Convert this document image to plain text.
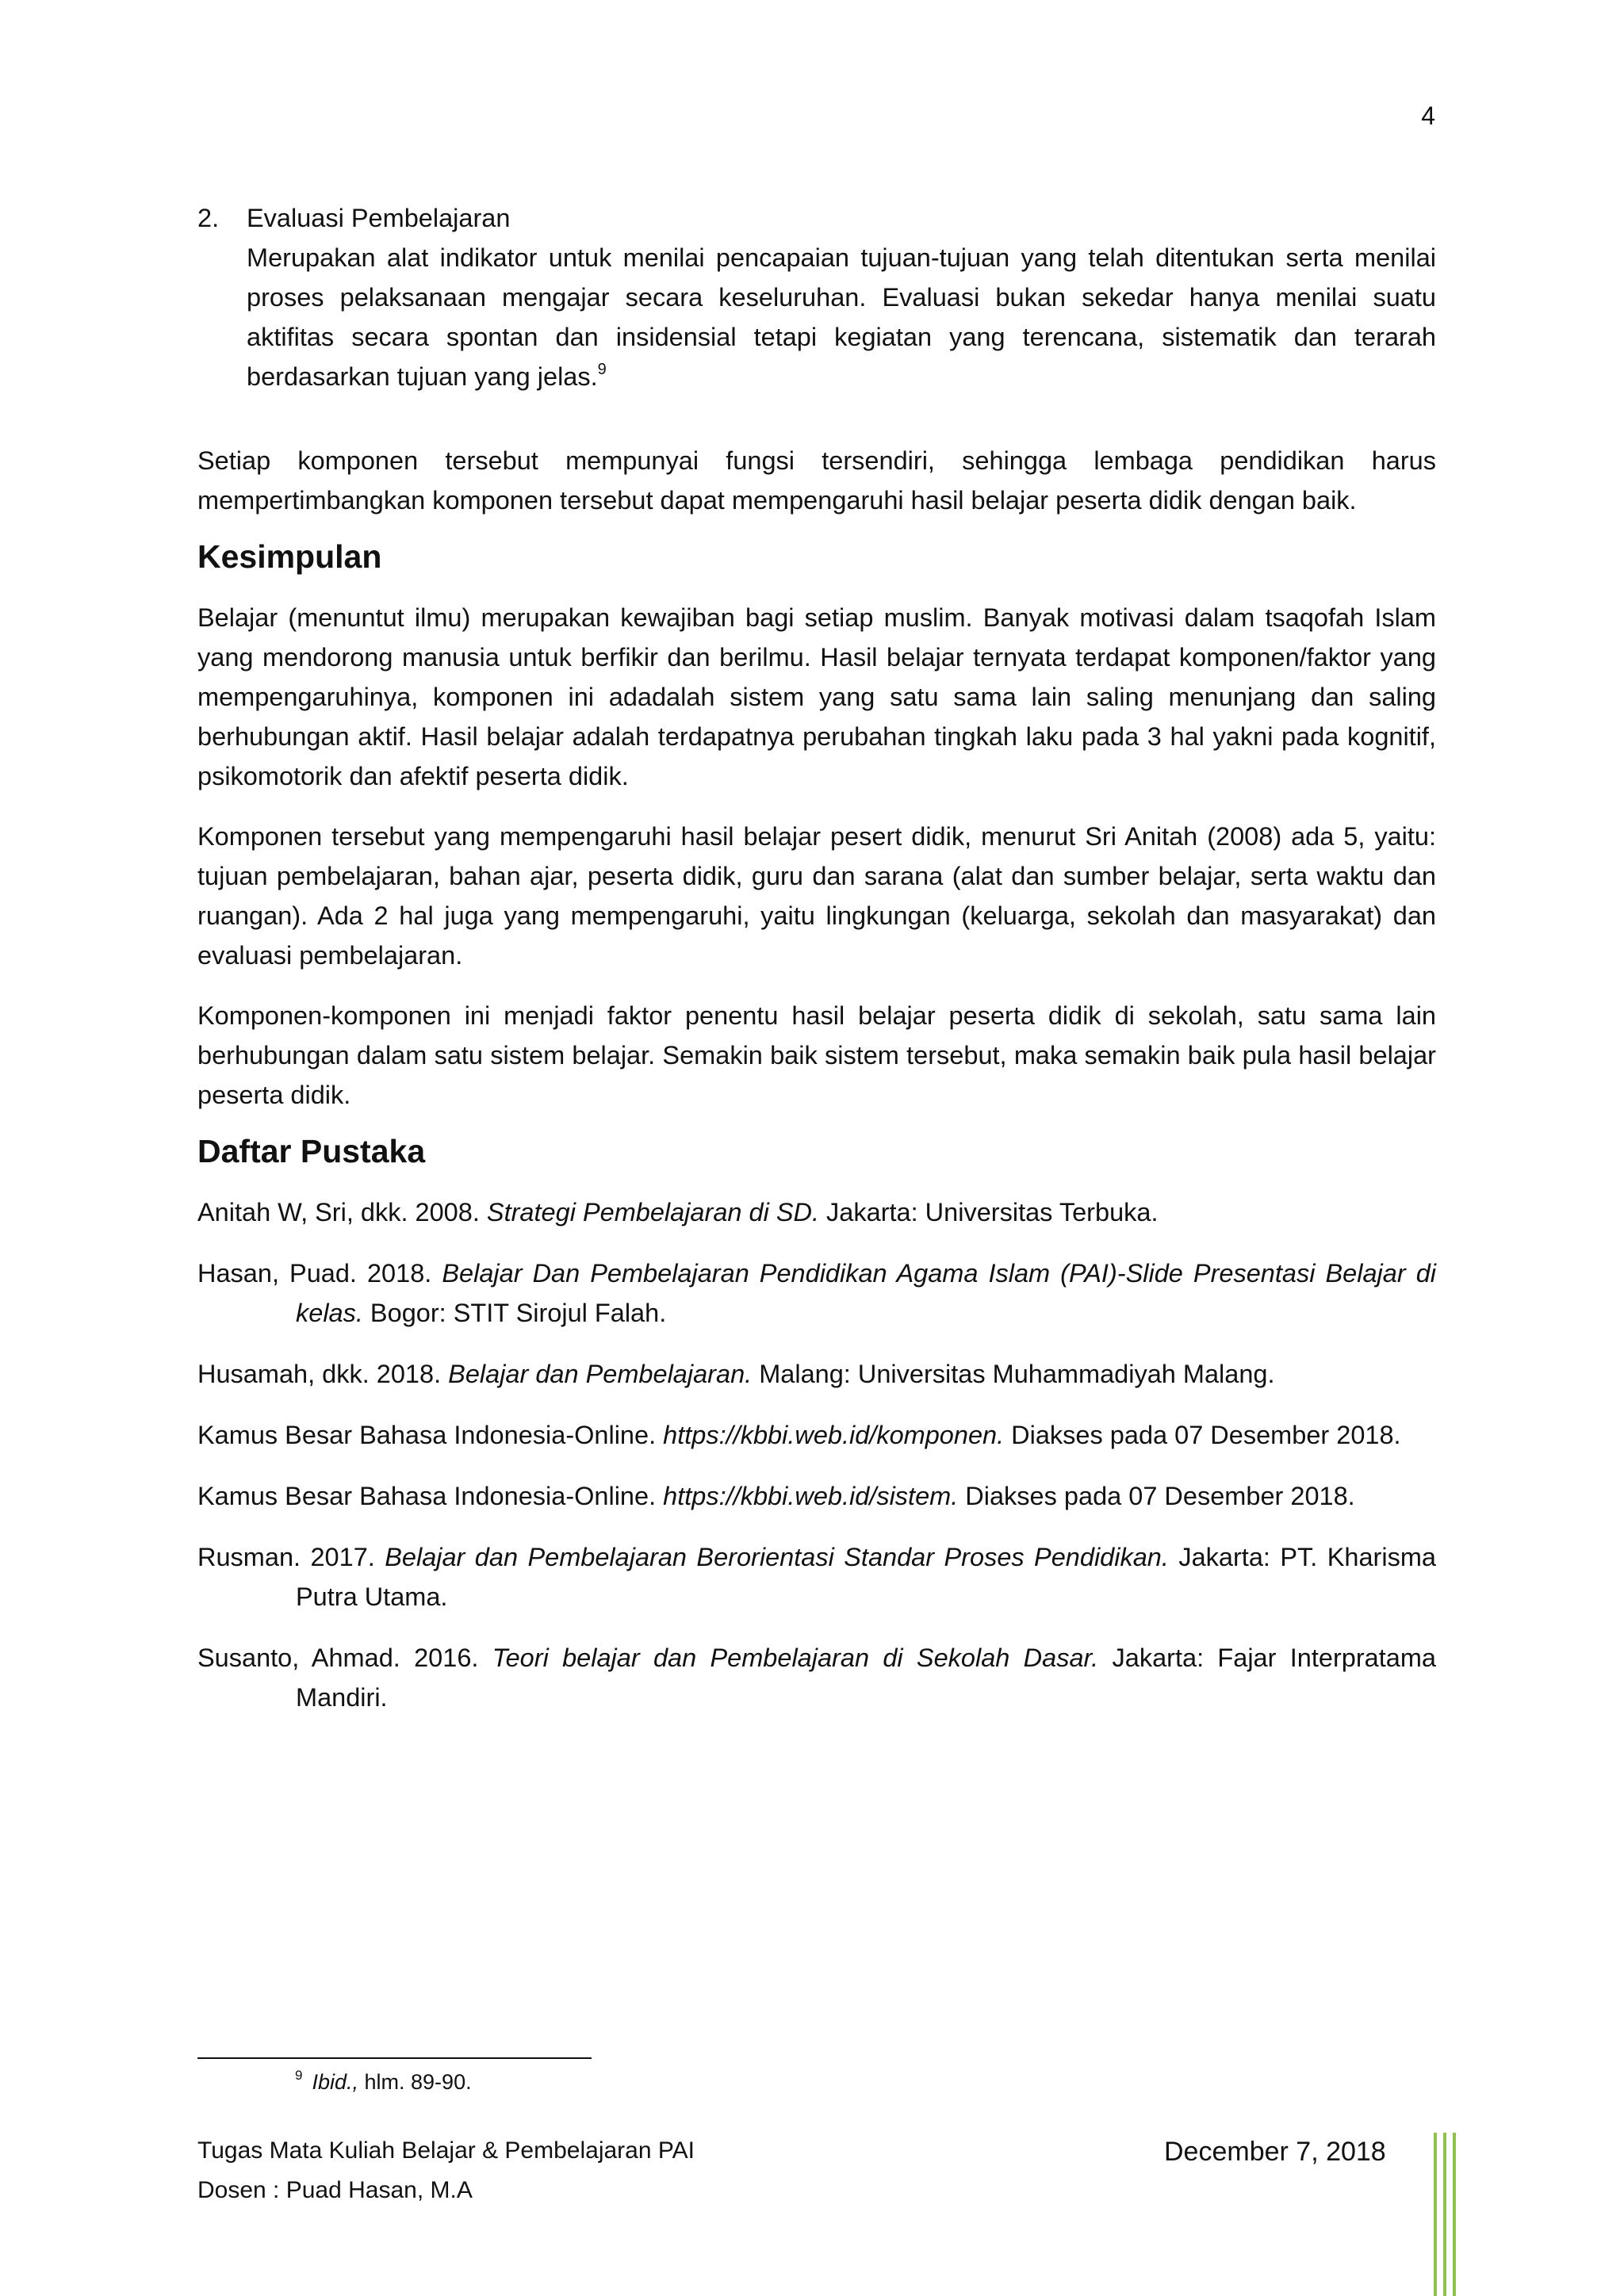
4
2. Evaluasi Pembelajaran

Merupakan alat indikator untuk menilai pencapaian tujuan-tujuan yang telah ditentukan serta menilai proses pelaksanaan mengajar secara keseluruhan. Evaluasi bukan sekedar hanya menilai suatu aktifitas secara spontan dan insidensial tetapi kegiatan yang terencana, sistematik dan terarah berdasarkan tujuan yang jelas.$^9$

Setiap komponen tersebut mempunyai fungsi tersendiri, sehingga lembaga pendidikan harus mempertimbangkan komponen tersebut dapat mempengaruhi hasil belajar peserta didik dengan baik.

Kesimpulan

Belajar (menuntut ilmu) merupakan kewajiban bagi setiap muslim. Banyak motivasi dalam tsaqofah Islam yang mendorong manusia untuk berfikir dan berilmu. Hasil belajar ternyata terdapat komponen/faktor yang mempengaruhinya, komponen ini adadalah sistem yang satu sama lain saling menunjang dan saling berhubungan aktif. Hasil belajar adalah terdapatnya perubahan tingkah laku pada 3 hal yakni pada kognitif, psikomotorik dan afektif peserta didik.

Komponen tersebut yang mempengaruhi hasil belajar pesert didik, menurut Sri Anitah (2008) ada 5, yaitu: tujuan pembelajaran, bahan ajar, peserta didik, guru dan sarana (alat dan sumber belajar, serta waktu dan ruangan). Ada 2 hal juga yang mempengaruhi, yaitu lingkungan (keluarga, sekolah dan masyarakat) dan evaluasi pembelajaran.

Komponen-komponen ini menjadi faktor penentu hasil belajar peserta didik di sekolah, satu sama lain berhubungan dalam satu sistem belajar. Semakin baik sistem tersebut, maka semakin baik pula hasil belajar peserta didik.

Daftar Pustaka

Anitah W, Sri, dkk. 2008. Strategi Pembelajaran di SD. Jakarta: Universitas Terbuka.

Hasan, Puad. 2018. Belajar Dan Pembelajaran Pendidikan Agama Islam (PAI)-Slide Presentasi Belajar di kelas. Bogor: STIT Sirojul Falah.

Husamah, dkk. 2018. Belajar dan Pembelajaran. Malang: Universitas Muhammadiyah Malang.

Kamus Besar Bahasa Indonesia-Online. https://kbbi.web.id/komponen. Diakses pada 07 Desember 2018.

Kamus Besar Bahasa Indonesia-Online. https://kbbi.web.id/sistem. Diakses pada 07 Desember 2018.

Rusman. 2017. Belajar dan Pembelajaran Berorientasi Standar Proses Pendidikan. Jakarta: PT. Kharisma Putra Utama.

Susanto, Ahmad. 2016. Teori belajar dan Pembelajaran di Sekolah Dasar. Jakarta: Fajar Interpratama Mandiri.

$^9$ Ibid., hlm. 89-90.
Tugas Mata Kuliah Belajar & Pembelajaran PAI
Dosen : Puad Hasan, M.A
December 7, 2018
